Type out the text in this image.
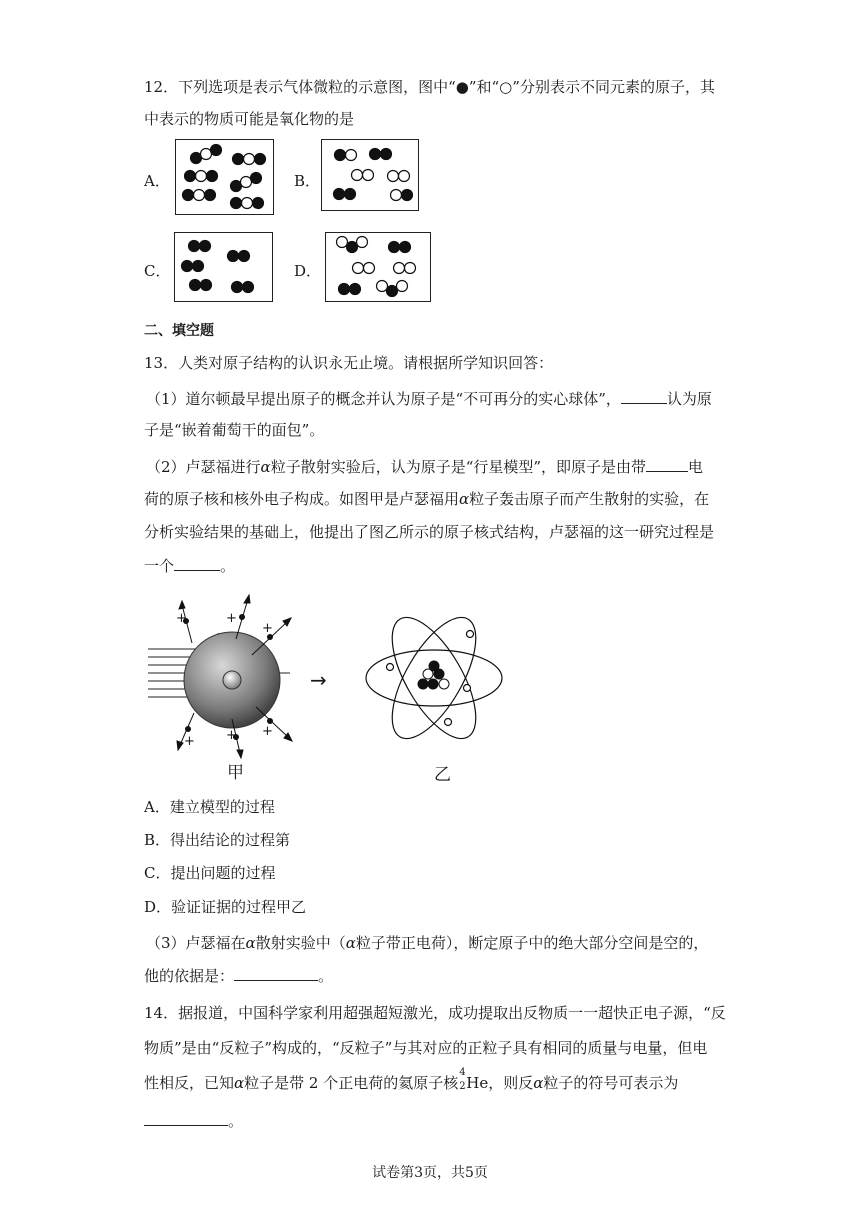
12．下列选项是表示气体微粒的示意图，图中“●”和“○”分别表示不同元素的原子，其
中表示的物质可能是氧化物的是
A．	B．
C．	D．
二、填空题
13．人类对原子结构的认识永无止境。请根据所学知识回答：
（1）道尔顿最早提出原子的概念并认为原子是“不可再分的实心球体”，	认为原
子是“嵌着葡萄干的面包”。
（2）卢瑟福进行α粒子散射实验后，认为原子是“行星模型”，即原子是由带	电
荷的原子核和核外电子构成。如图甲是卢瑟福用α粒子轰击原子而产生散射的实验，在
分析实验结果的基础上，他提出了图乙所示的原子核式结构，卢瑟福的这一研究过程是
一个	。
+	+
+
+ + +
→
甲	乙
A．建立模型的过程
B．得出结论的过程第
C．提出问题的过程
D．验证证据的过程甲乙
（3）卢瑟福在α散射实验中（α粒子带正电荷），断定原子中的绝大部分空间是空的，
他的依据是：	。
14．据报道，中国科学家利用超强超短激光，成功提取出反物质一一超快正电子源，“反
物质”是由“反粒子”构成的，“反粒子”与其对应的正粒子具有相同的质量与电量，但电
性相反，已知α粒子是带 2 个正电荷的氦原子核
4
2 He，则反α粒子的符号可表示为
。
试卷第3页，共5页
